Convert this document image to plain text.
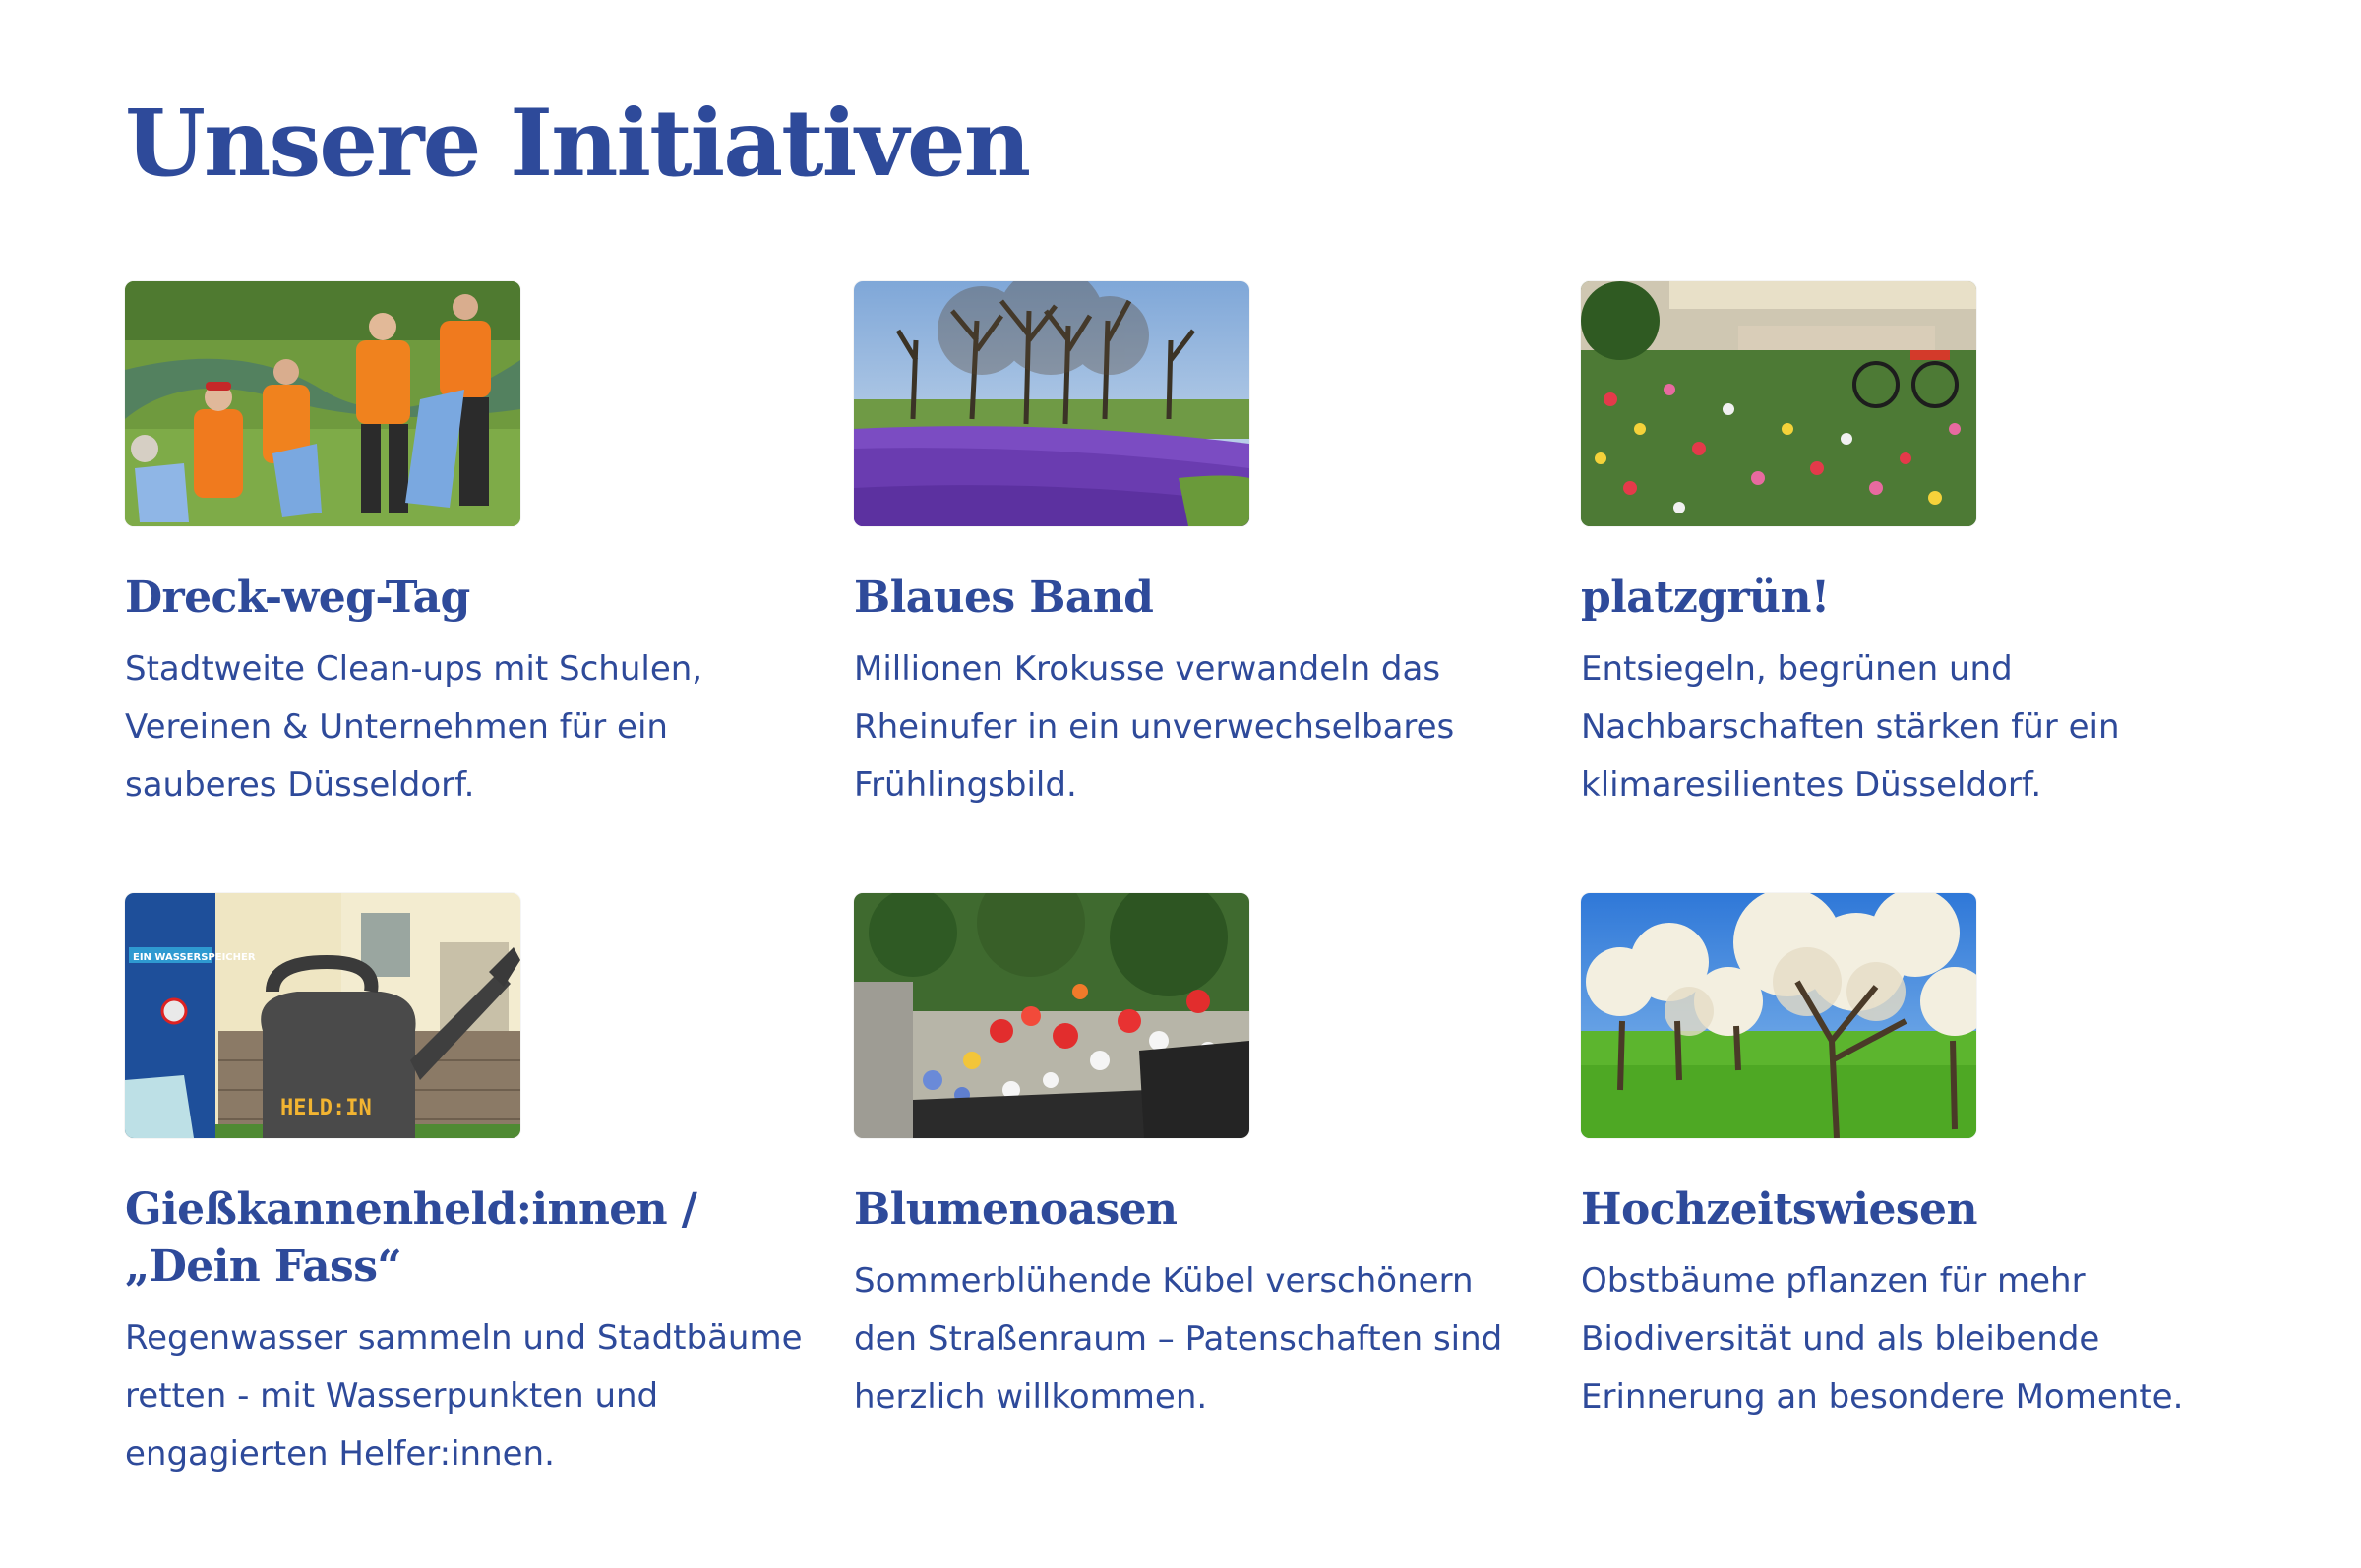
Unsere Initiativen
Dreck-weg-Tag

Stadtweite Clean-ups mit Schulen, Vereinen & Unternehmen für ein sauberes Düsseldorf.

Blaues Band

Millionen Krokusse verwandeln das Rheinufer in ein unverwechselbares Frühlingsbild.

platzgrün!

Entsiegeln, begrünen und Nachbarschaften stärken für ein klimaresilientes Düsseldorf.

EIN WASSERSPEICHER
HELD:IN
Gießkannenheld:innen / „Dein Fass“

Regenwasser sammeln und Stadtbäume retten - mit Wasserpunkten und engagierten Helfer:innen.

Blumenoasen

Sommerblühende Kübel verschönern den Straßenraum – Patenschaften sind herzlich willkommen.

Hochzeitswiesen

Obstbäume pflanzen für mehr Biodiversität und als bleibende Erinnerung an besondere Momente.
